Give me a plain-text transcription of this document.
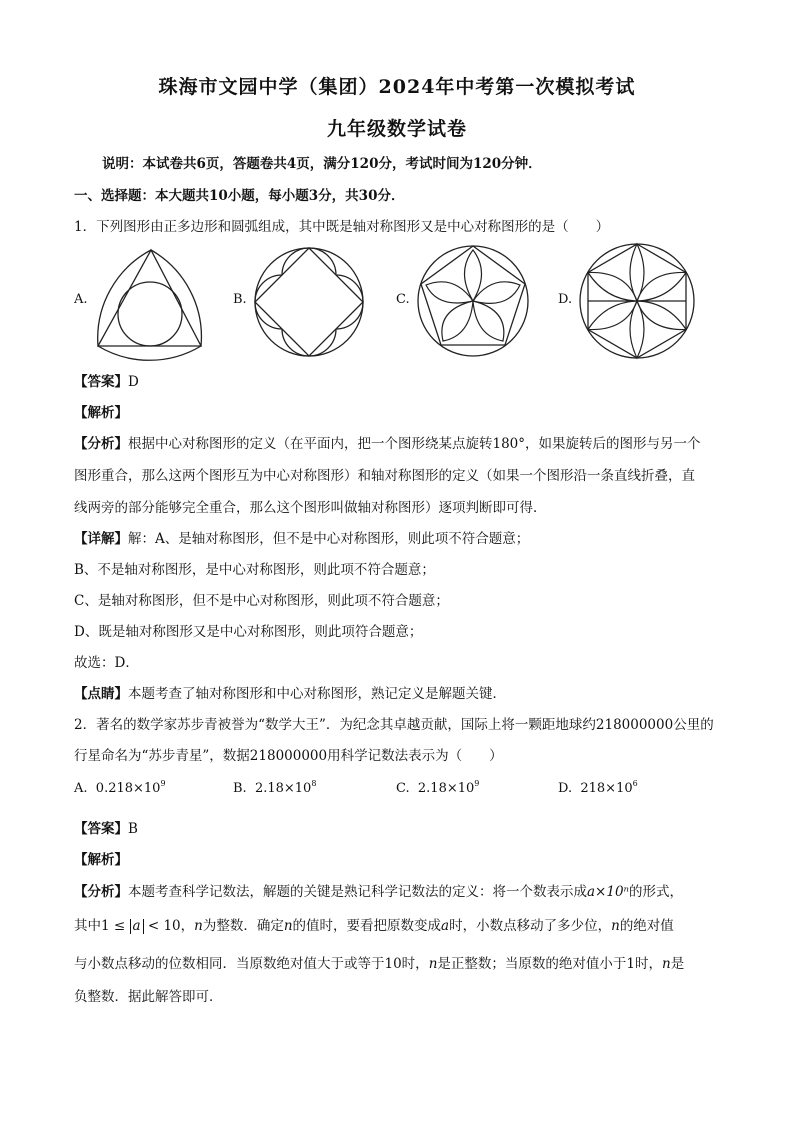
珠海市文园中学（集团）2024年中考第一次模拟考试
九年级数学试卷
说明：本试卷共6页，答题卷共4页，满分120分，考试时间为120分钟．
一、选择题：本大题共10小题，每小题3分，共30分．
1．下列图形由正多边形和圆弧组成，其中既是轴对称图形又是中心对称图形的是（　　）
A.	B.	C.	D.
【答案】D
【解析】
【分析】根据中心对称图形的定义（在平面内，把一个图形绕某点旋转180°，如果旋转后的图形与另一个
图形重合，那么这两个图形互为中心对称图形）和轴对称图形的定义（如果一个图形沿一条直线折叠，直
线两旁的部分能够完全重合，那么这个图形叫做轴对称图形）逐项判断即可得．
【详解】解：A、是轴对称图形，但不是中心对称图形，则此项不符合题意；
B、不是轴对称图形，是中心对称图形，则此项不符合题意；
C、是轴对称图形，但不是中心对称图形，则此项不符合题意；
D、既是轴对称图形又是中心对称图形，则此项符合题意；
故选：D．
【点睛】本题考查了轴对称图形和中心对称图形，熟记定义是解题关键．
2．著名的数学家苏步青被誉为“数学大王”．为纪念其卓越贡献，国际上将一颗距地球约218000000公里的
行星命名为“苏步青星”，数据218000000用科学记数法表示为（　　）
A. $0.218\times 10^9$	B. $2.18\times 10^8$	C. $2.18\times 10^9$	D. $218\times 10^6$
【答案】B
【解析】
【分析】本题考查科学记数法，解题的关键是熟记科学记数法的定义：将一个数表示成a×10ⁿ的形式，
其中1 ≤ a < 10，n为整数．确定n的值时，要看把原数变成a时，小数点移动了多少位，n的绝对值
与小数点移动的位数相同．当原数绝对值大于或等于10时，n是正整数；当原数的绝对值小于1时，n是
负整数．据此解答即可．
